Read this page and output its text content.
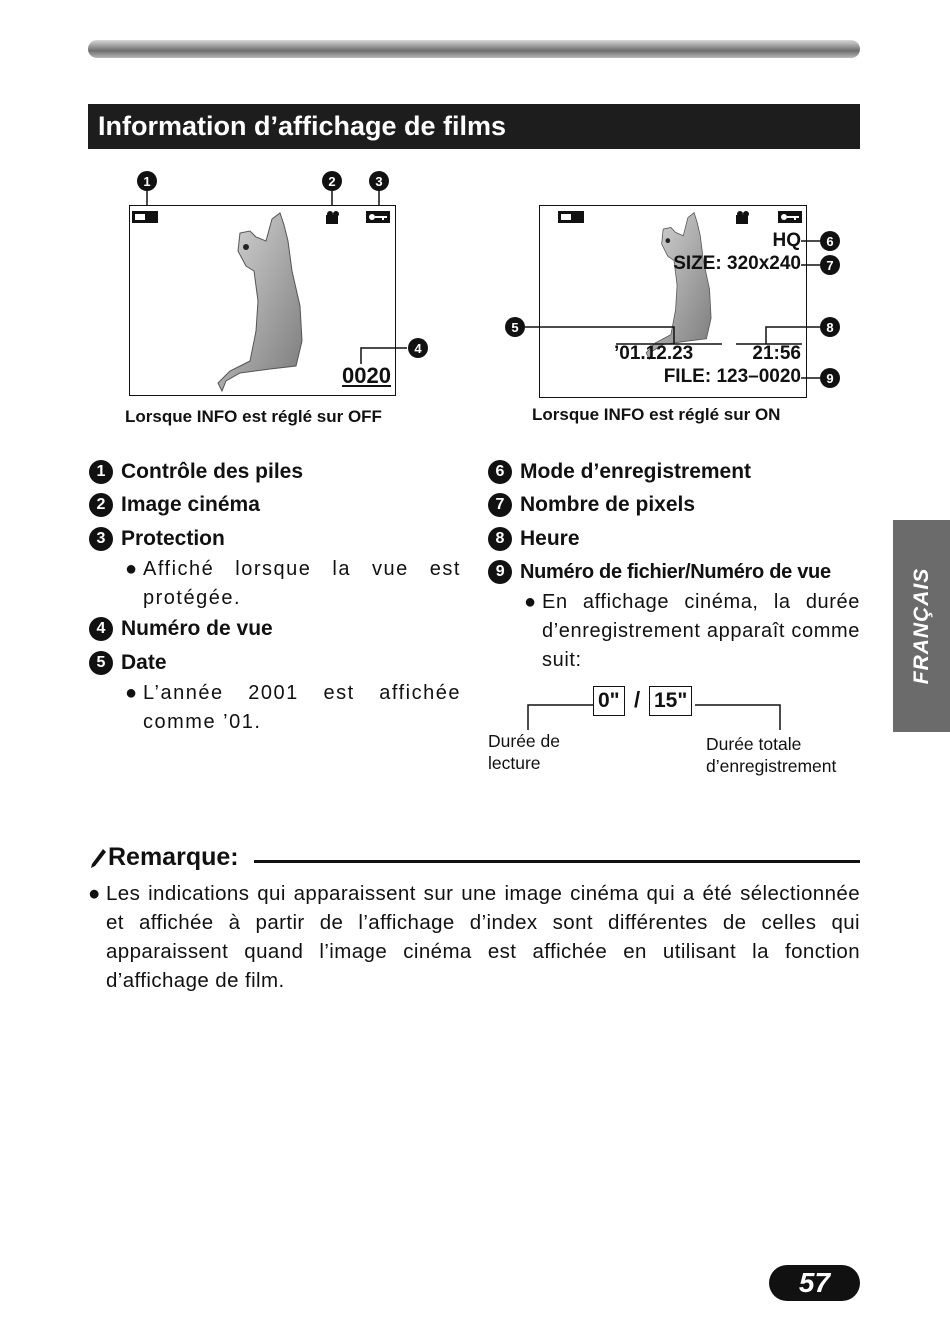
Information d’affichage de films
FRANÇAIS
1	2	3
0020
4
Lorsque INFO est réglé sur OFF
HQ
SIZE: 320x240
’01.12.23	21:56
FILE: 123–0020
6
7
5	8
9
Lorsque INFO est réglé sur ON
1 Contrôle des piles
2 Image cinéma
3 Protection
● Affiché lorsque la vue est protégée.
4 Numéro de vue
5 Date
● L’année 2001 est affichée comme ’01.
6 Mode d’enregistrement
7 Nombre de pixels
8 Heure
9 Numéro de fichier/Numéro de vue
● En affichage cinéma, la durée d’enregistrement apparaît comme suit:
0" / 15"
Durée de lecture
Durée totale d’enregistrement
Remarque:
● Les indications qui apparaissent sur une image cinéma qui a été sélectionnée et affichée à partir de l’affichage d’index sont différentes de celles qui apparaissent quand l’image cinéma est affichée en utilisant la fonction d’affichage de film.
57
